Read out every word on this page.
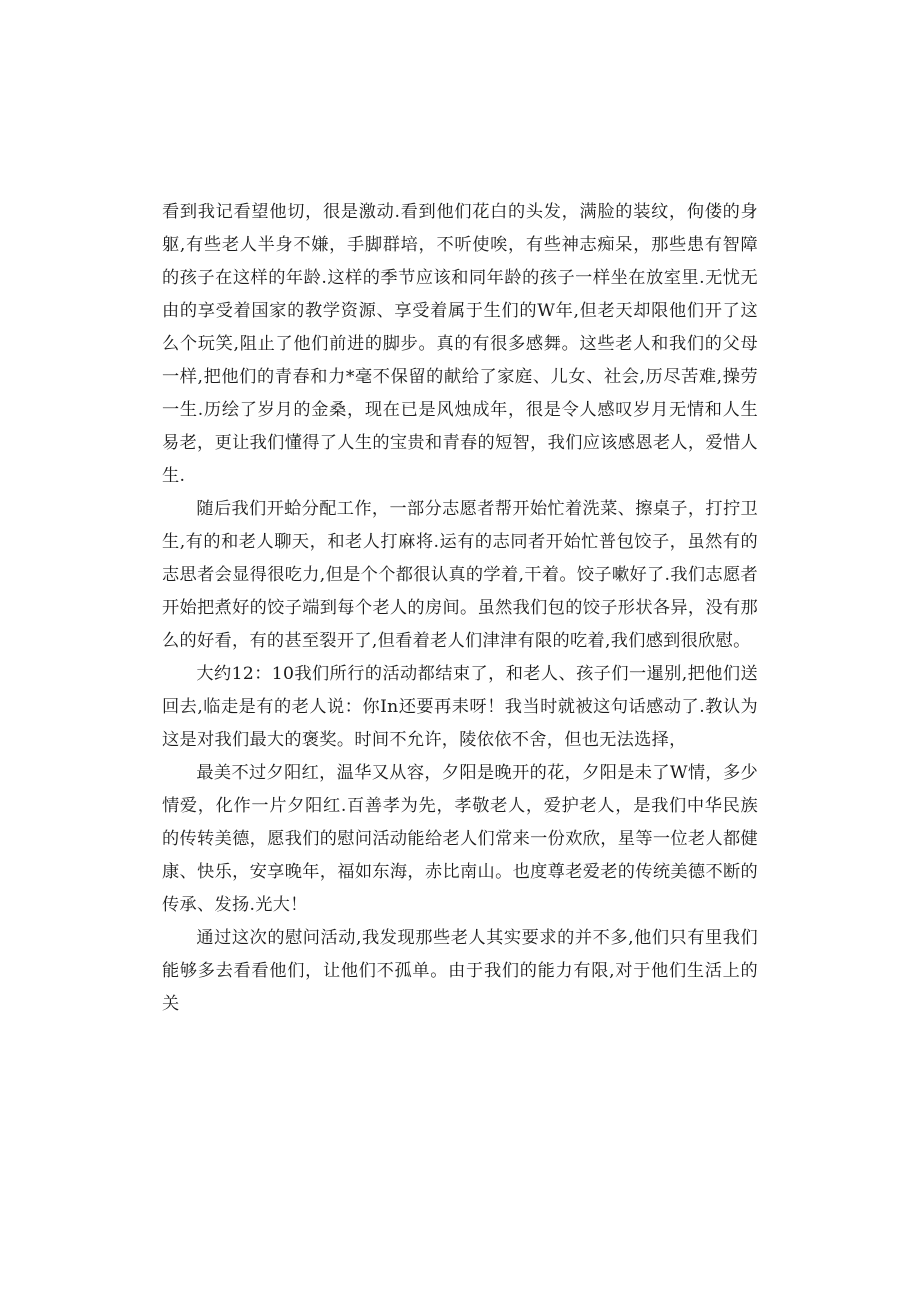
看到我记看望他切，很是激动.看到他们花白的头发，满脸的装纹，佝偻的身躯,有些老人半身不嫌，手脚群培，不听使唉，有些神志痴呆，那些患有智障的孩子在这样的年龄.这样的季节应该和同年龄的孩子一样坐在放室里.无忧无由的享受着国家的教学资源、享受着属于生们的W年,但老天却限他们开了这么个玩笑,阻止了他们前进的脚步。真的有很多感舞。这些老人和我们的父母一样,把他们的青春和力*毫不保留的献给了家庭、儿女、社会,历尽苦难,操劳一生.历绘了岁月的金桑，现在已是风烛成年，很是令人感叹岁月无情和人生易老，更让我们懂得了人生的宝贵和青春的短智，我们应该感恩老人，爱惜人生.

随后我们开蛤分配工作，一部分志愿者帮开始忙着洗菜、擦桌子，打拧卫生,有的和老人聊天，和老人打麻将.运有的志同者开始忙普包饺子，虽然有的志思者会显得很吃力,但是个个都很认真的学着,干着。饺子嗽好了.我们志愿者开始把煮好的饺子端到每个老人的房间。虽然我们包的饺子形状各异，没有那么的好看，有的甚至裂开了,但看着老人们津津有限的吃着,我们感到很欣慰。

大约12：10我们所行的活动都结束了，和老人、孩子们一暹别,把他们送回去,临走是有的老人说：你In还要再耒呀！我当时就被这句话感动了.教认为这是对我们最大的褒奖。时间不允许，陵依依不舍，但也无法选择，

最美不过夕阳红，温华又从容，夕阳是晚开的花，夕阳是未了W情，多少情爱，化作一片夕阳红.百善孝为先，孝敬老人，爱护老人，是我们中华民族的传转美德，愿我们的慰问活动能给老人们常来一份欢欣，星等一位老人都健康、快乐，安享晚年，福如东海，赤比南山。也度尊老爱老的传统美德不断的传承、发扬.光大！

通过这次的慰问活动,我发现那些老人其实要求的并不多,他们只有里我们能够多去看看他们，让他们不孤单。由于我们的能力有限,对于他们生活上的关
